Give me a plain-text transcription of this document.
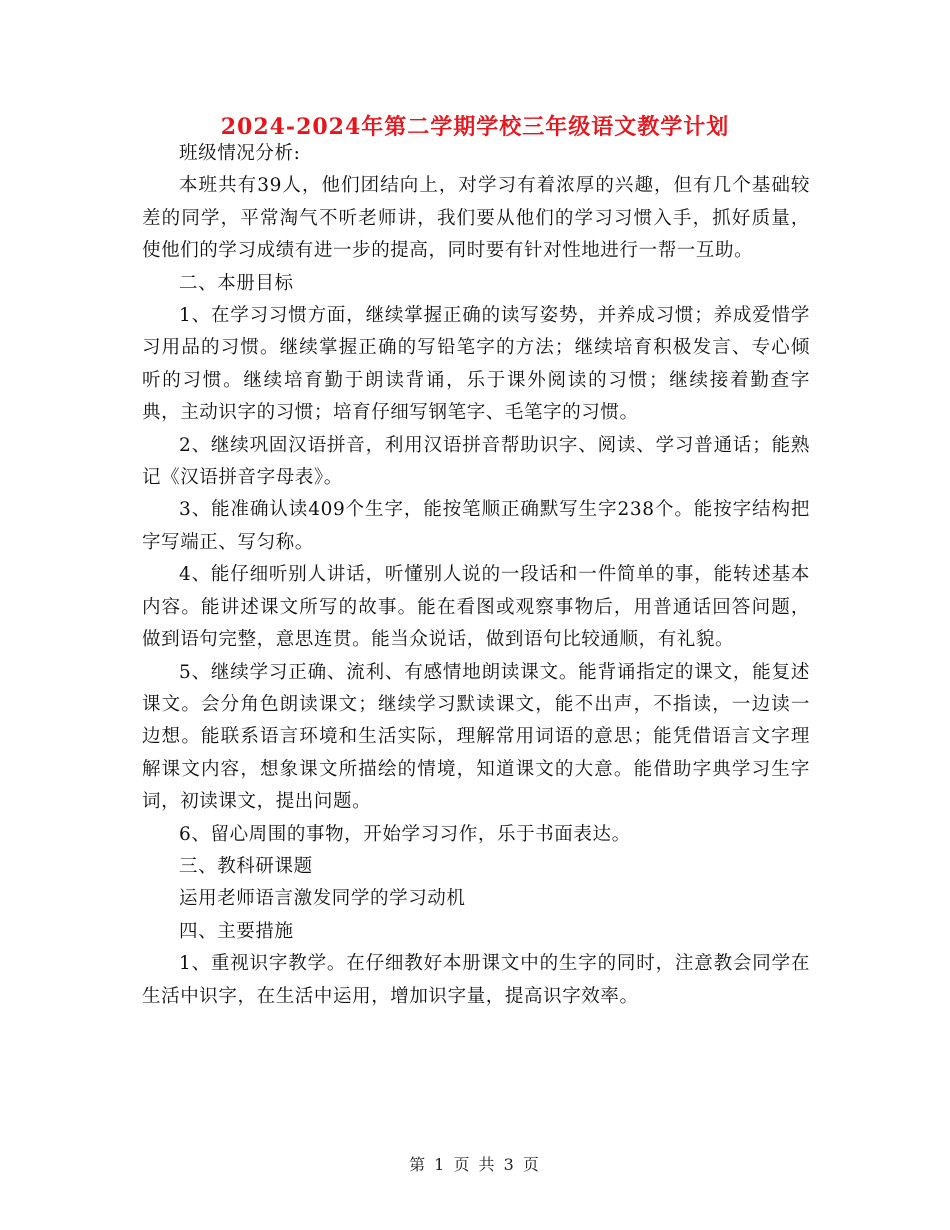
2024-2024年第二学期学校三年级语文教学计划

班级情况分析:

本班共有39人，他们团结向上，对学习有着浓厚的兴趣，但有几个基础较差的同学，平常淘气不听老师讲，我们要从他们的学习习惯入手，抓好质量，使他们的学习成绩有进一步的提高，同时要有针对性地进行一帮一互助。

二、本册目标

1、在学习习惯方面，继续掌握正确的读写姿势，并养成习惯；养成爱惜学习用品的习惯。继续掌握正确的写铅笔字的方法；继续培育积极发言、专心倾听的习惯。继续培育勤于朗读背诵，乐于课外阅读的习惯；继续接着勤查字典，主动识字的习惯；培育仔细写钢笔字、毛笔字的习惯。

2、继续巩固汉语拼音，利用汉语拼音帮助识字、阅读、学习普通话；能熟记《汉语拼音字母表》。

3、能准确认读409个生字，能按笔顺正确默写生字238个。能按字结构把字写端正、写匀称。

4、能仔细听别人讲话，听懂别人说的一段话和一件简单的事，能转述基本内容。能讲述课文所写的故事。能在看图或观察事物后，用普通话回答问题，做到语句完整，意思连贯。能当众说话，做到语句比较通顺，有礼貌。

5、继续学习正确、流利、有感情地朗读课文。能背诵指定的课文，能复述课文。会分角色朗读课文；继续学习默读课文，能不出声，不指读，一边读一边想。能联系语言环境和生活实际，理解常用词语的意思；能凭借语言文字理解课文内容，想象课文所描绘的情境，知道课文的大意。能借助字典学习生字词，初读课文，提出问题。

6、留心周围的事物，开始学习习作，乐于书面表达。

三、教科研课题

运用老师语言激发同学的学习动机

四、主要措施

1、重视识字教学。在仔细教好本册课文中的生字的同时，注意教会同学在生活中识字，在生活中运用，增加识字量，提高识字效率。

第 1 页 共 3 页
